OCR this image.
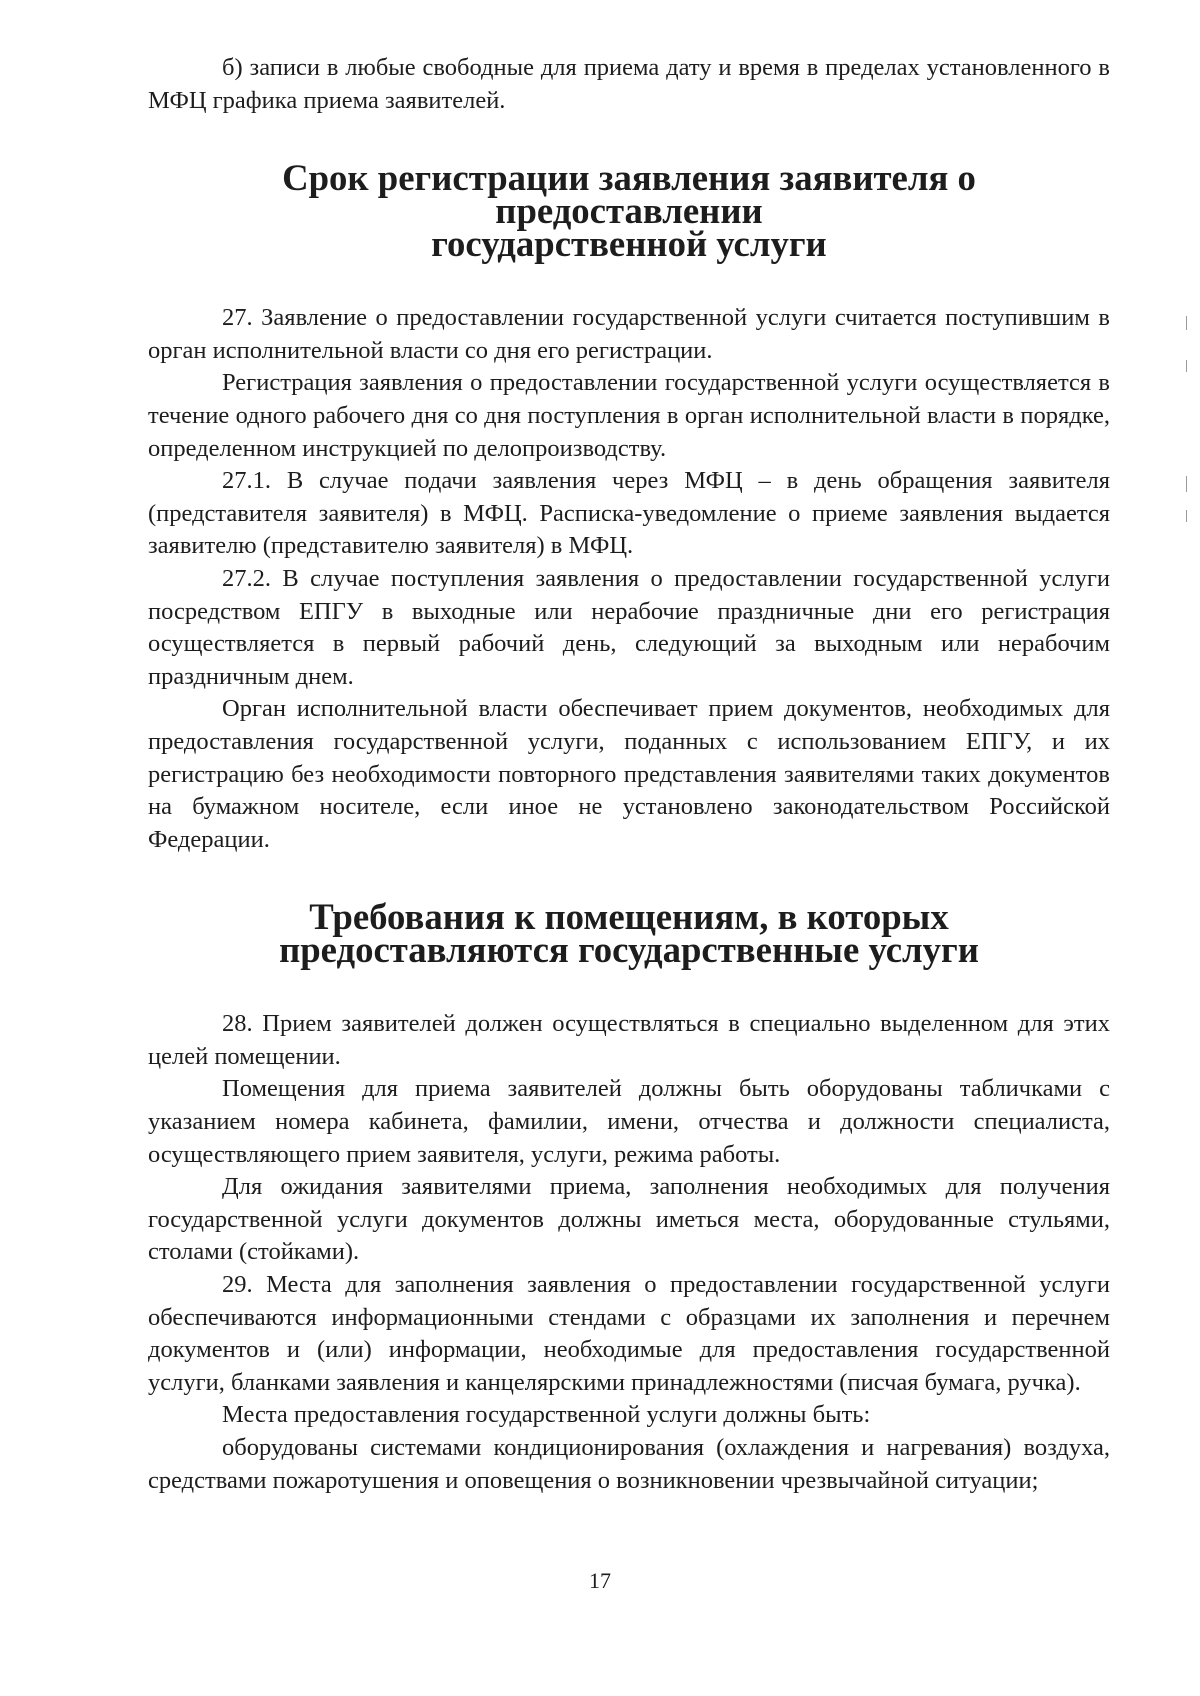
б) записи в любые свободные для приема дату и время в пределах установленного в МФЦ графика приема заявителей.

Срок регистрации заявления заявителя о предоставлении
государственной услуги

27. Заявление о предоставлении государственной услуги считается поступившим в орган исполнительной власти со дня его регистрации.

Регистрация заявления о предоставлении государственной услуги осуществляется в течение одного рабочего дня со дня поступления в орган исполнительной власти в порядке, определенном инструкцией по делопроизводству.

27.1. В случае подачи заявления через МФЦ – в день обращения заявителя (представителя заявителя) в МФЦ. Расписка-уведомление о приеме заявления выдается заявителю (представителю заявителя) в МФЦ.

27.2. В случае поступления заявления о предоставлении государственной услуги посредством ЕПГУ в выходные или нерабочие праздничные дни его регистрация осуществляется в первый рабочий день, следующий за выходным или нерабочим праздничным днем.

Орган исполнительной власти обеспечивает прием документов, необходимых для предоставления государственной услуги, поданных с использованием ЕПГУ, и их регистрацию без необходимости повторного представления заявителями таких документов на бумажном носителе, если иное не установлено законодательством Российской Федерации.

Требования к помещениям, в которых
предоставляются государственные услуги

28. Прием заявителей должен осуществляться в специально выделенном для этих целей помещении.

Помещения для приема заявителей должны быть оборудованы табличками с указанием номера кабинета, фамилии, имени, отчества и должности специалиста, осуществляющего прием заявителя, услуги, режима работы.

Для ожидания заявителями приема, заполнения необходимых для получения государственной услуги документов должны иметься места, оборудованные стульями, столами (стойками).

29. Места для заполнения заявления о предоставлении государственной услуги обеспечиваются информационными стендами с образцами их заполнения и перечнем документов и (или) информации, необходимые для предоставления государственной услуги, бланками заявления и канцелярскими принадлежностями (писчая бумага, ручка).

Места предоставления государственной услуги должны быть:

оборудованы системами кондиционирования (охлаждения и нагревания) воздуха, средствами пожаротушения и оповещения о возникновении чрезвычайной ситуации;

17
